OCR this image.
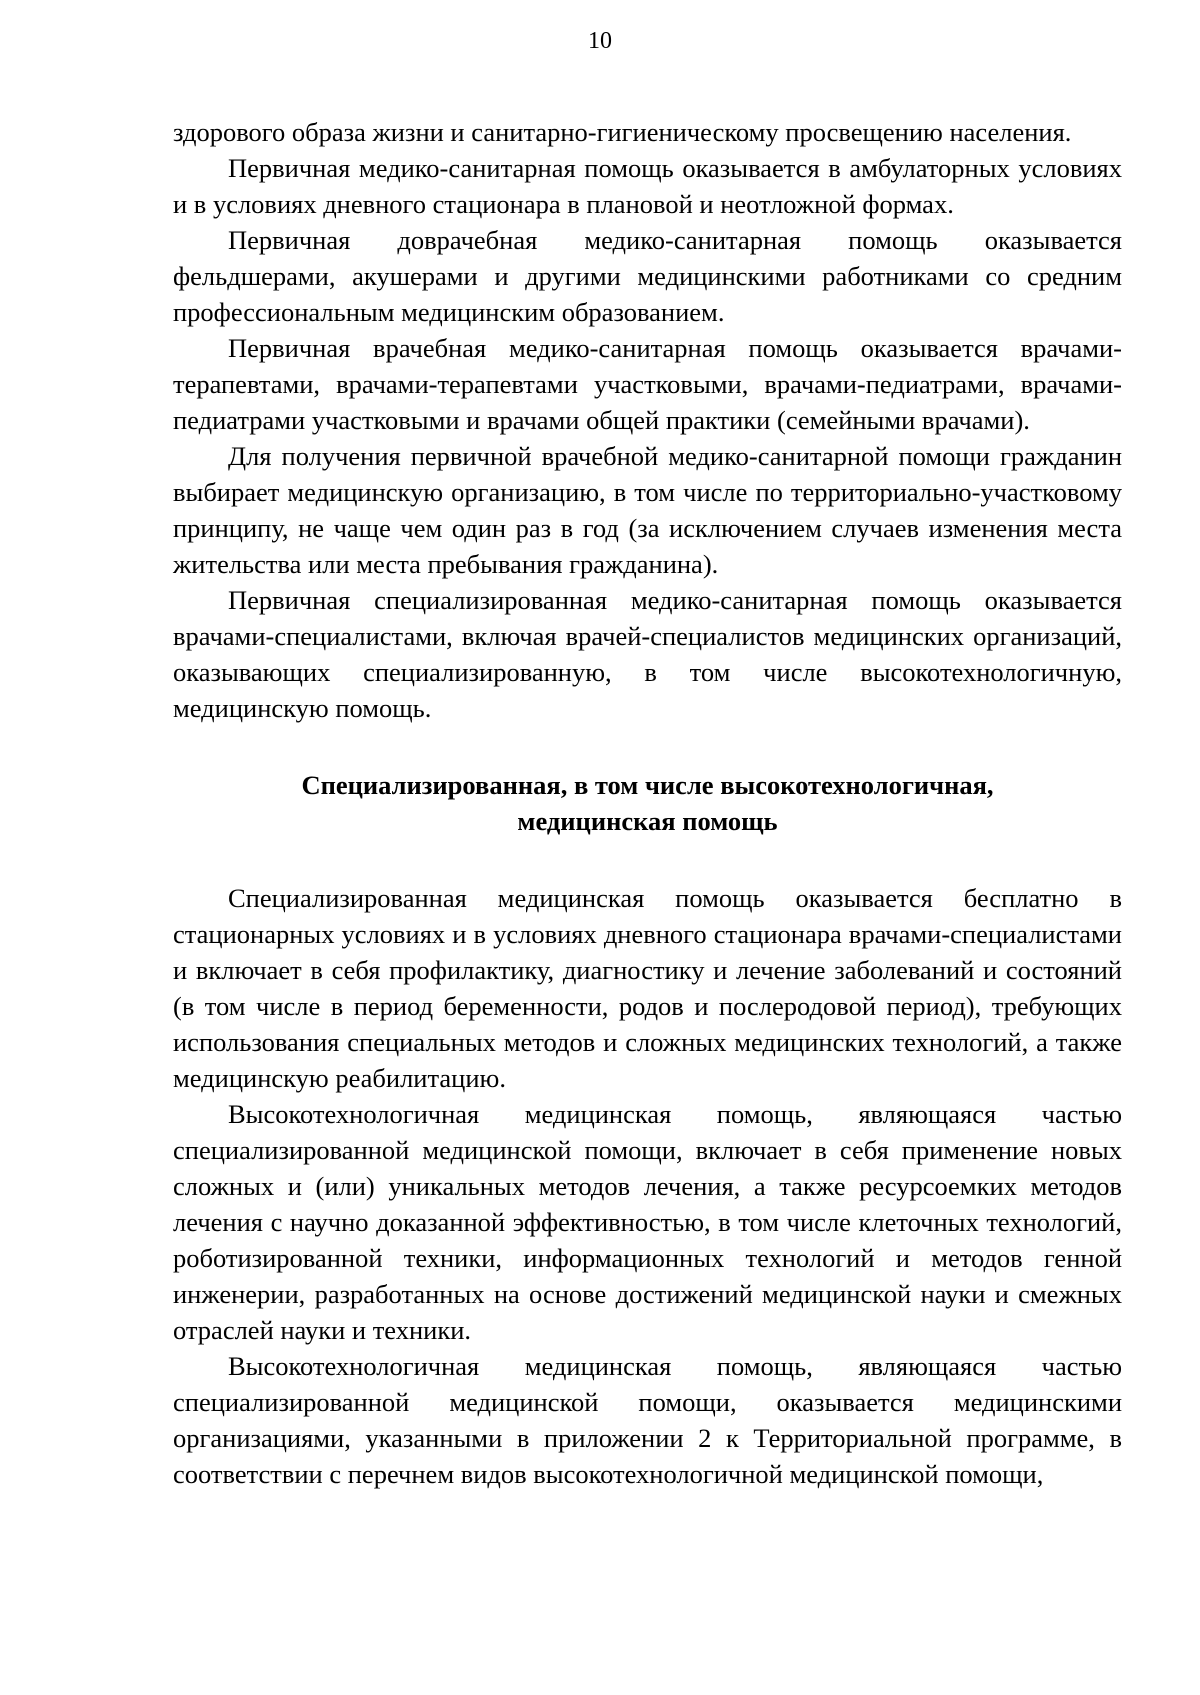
10

здорового образа жизни и санитарно-гигиеническому просвещению населения.

Первичная медико-санитарная помощь оказывается в амбулаторных условиях и в условиях дневного стационара в плановой и неотложной формах.

Первичная доврачебная медико-санитарная помощь оказывается фельдшерами, акушерами и другими медицинскими работниками со средним профессиональным медицинским образованием.

Первичная врачебная медико-санитарная помощь оказывается врачами-терапевтами, врачами-терапевтами участковыми, врачами-педиатрами, врачами-педиатрами участковыми и врачами общей практики (семейными врачами).

Для получения первичной врачебной медико-санитарной помощи гражданин выбирает медицинскую организацию, в том числе по территориально-участковому принципу, не чаще чем один раз в год (за исключением случаев изменения места жительства или места пребывания гражданина).

Первичная специализированная медико-санитарная помощь оказывается врачами-специалистами, включая врачей-специалистов медицинских организаций, оказывающих специализированную, в том числе высокотехнологичную, медицинскую помощь.

Специализированная, в том числе высокотехнологичная,
медицинская помощь

Специализированная медицинская помощь оказывается бесплатно в стационарных условиях и в условиях дневного стационара врачами-специалистами и включает в себя профилактику, диагностику и лечение заболеваний и состояний (в том числе в период беременности, родов и послеродовой период), требующих использования специальных методов и сложных медицинских технологий, а также медицинскую реабилитацию.

Высокотехнологичная медицинская помощь, являющаяся частью специализированной медицинской помощи, включает в себя применение новых сложных и (или) уникальных методов лечения, а также ресурсоемких методов лечения с научно доказанной эффективностью, в том числе клеточных технологий, роботизированной техники, информационных технологий и методов генной инженерии, разработанных на основе достижений медицинской науки и смежных отраслей науки и техники.

Высокотехнологичная медицинская помощь, являющаяся частью специализированной медицинской помощи, оказывается медицинскими организациями, указанными в приложении 2 к Территориальной программе, в соответствии с перечнем видов высокотехнологичной медицинской помощи,
